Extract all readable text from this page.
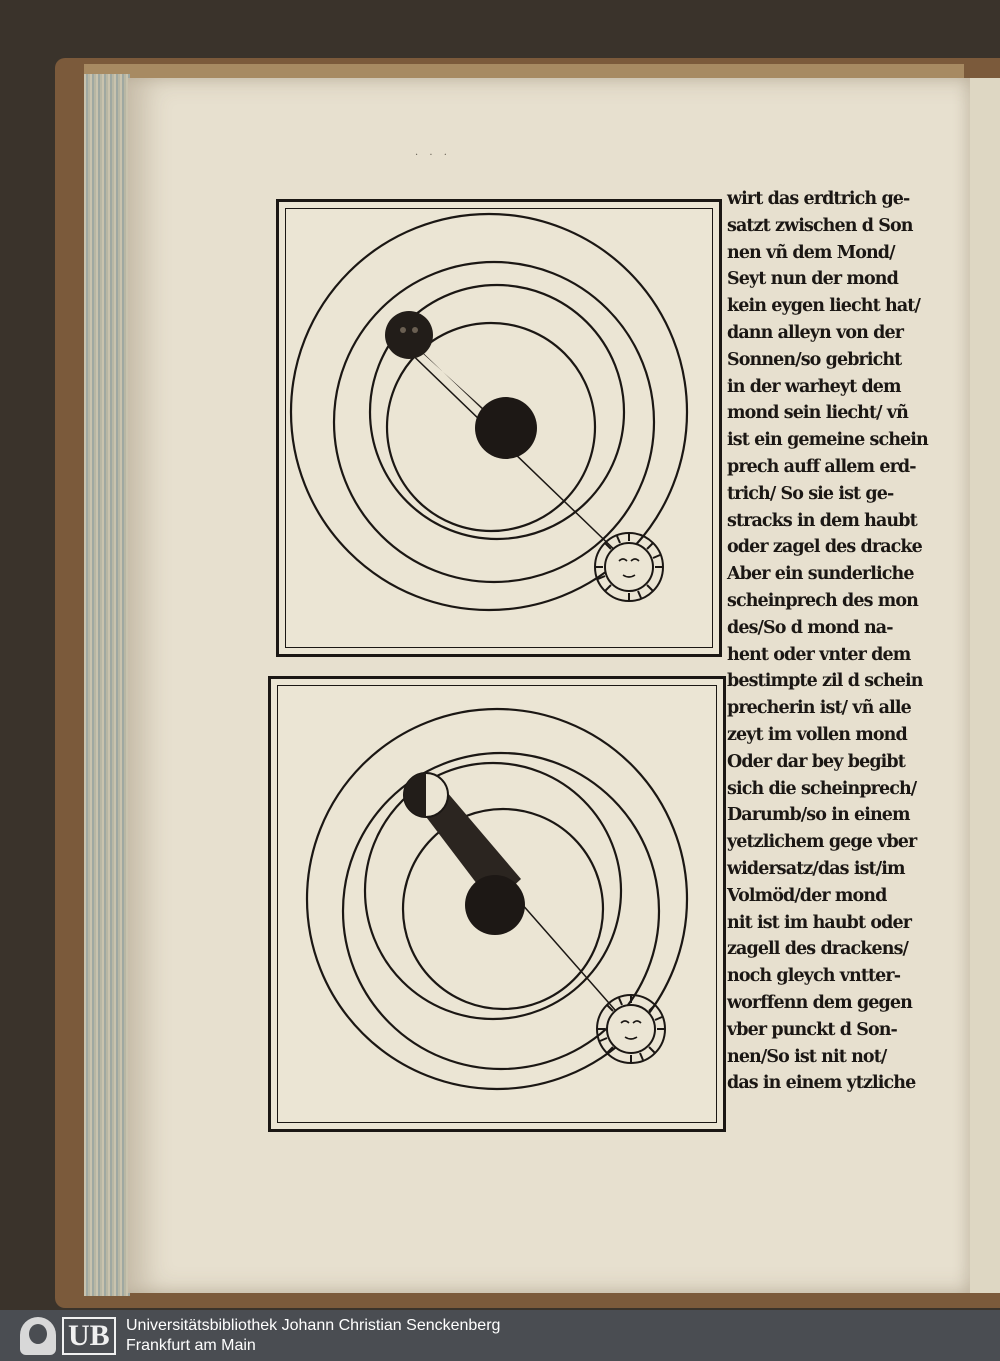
· · ·
wirt das erdtrich ge-
satzt zwischen d Son
nen vñ dem Mond/
Seyt nun der mond
kein eygen liecht hat/
dann alleyn von der
Sonnen/so gebricht
in der warheyt dem
mond sein liecht/ vñ
ist ein gemeine schein
prech auff allem erd-
trich/ So sie ist ge-
stracks in dem haubt
oder zagel des dracke
Aber ein sunderliche
scheinprech des mon
des/So d mond na-
hent oder vnter dem
bestimpte zil d schein
precherin ist/ vñ alle
zeyt im vollen mond
Oder dar bey begibt
sich die scheinprech/
Darumb/so in einem
yetzlichem gege vber
widersatz/das ist/im
Volmöd/der mond
nit ist im haubt oder
zagell des drackens/
noch gleych vntter-
worffenn dem gegen
vber punckt d Son-
nen/So ist nit not/
das in einem ytzliche
UB	Universitätsbibliothek Johann Christian Senckenberg
Frankfurt am Main
